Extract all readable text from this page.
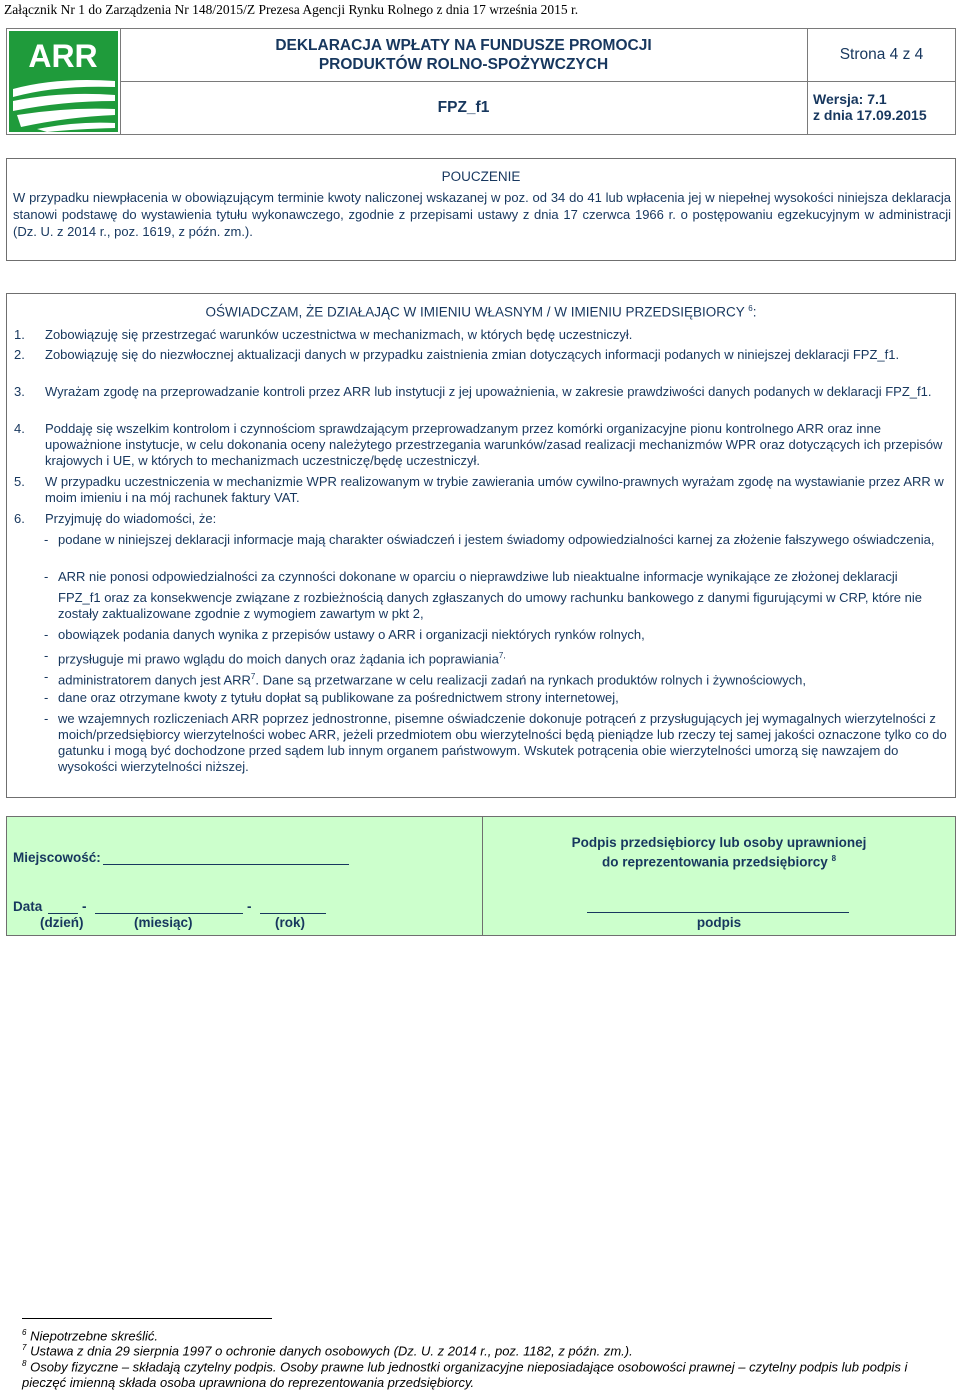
Załącznik Nr 1 do Zarządzenia Nr 148/2015/Z Prezesa Agencji Rynku Rolnego z dnia 17 września 2015 r.
ARR	DEKLARACJA WPŁATY NA FUNDUSZE PROMOCJI
PRODUKTÓW ROLNO-SPOŻYWCZYCH
FPZ_f1
Strona 4 z 4
Wersja: 7.1
z dnia 17.09.2015
POUCZENIE
W przypadku niewpłacenia w obowiązującym terminie kwoty naliczonej wskazanej w poz. od 34 do 41 lub wpłacenia jej w niepełnej wysokości niniejsza deklaracja stanowi podstawę do wystawienia tytułu wykonawczego, zgodnie z przepisami ustawy z dnia 17 czerwca 1966 r. o postępowaniu egzekucyjnym w administracji (Dz. U. z 2014 r., poz. 1619, z późn. zm.).
OŚWIADCZAM, ŻE DZIAŁAJĄC W IMIENIU WŁASNYM / W IMIENIU PRZEDSIĘBIORCY $^6$:
1. Zobowiązuję się przestrzegać warunków uczestnictwa w mechanizmach, w których będę uczestniczył.
2. Zobowiązuję się do niezwłocznej aktualizacji danych w przypadku zaistnienia zmian dotyczących informacji podanych w niniejszej deklaracji FPZ_f1.
3. Wyrażam zgodę na przeprowadzanie kontroli przez ARR lub instytucji z jej upoważnienia, w zakresie prawdziwości danych podanych w deklaracji FPZ_f1.
4. Poddaję się wszelkim kontrolom i czynnościom sprawdzającym przeprowadzanym przez komórki organizacyjne pionu kontrolnego ARR oraz inne upoważnione instytucje, w celu dokonania oceny należytego przestrzegania warunków/zasad realizacji mechanizmów WPR oraz dotyczących ich przepisów krajowych i UE, w których to mechanizmach uczestniczę/będę uczestniczył.
5. W przypadku uczestniczenia w mechanizmie WPR realizowanym w trybie zawierania umów cywilno-prawnych wyrażam zgodę na wystawianie przez ARR w moim imieniu i na mój rachunek faktury VAT.
6. Przyjmuję do wiadomości, że:
- podane w niniejszej deklaracji informacje mają charakter oświadczeń i jestem świadomy odpowiedzialności karnej za złożenie fałszywego oświadczenia,
- ARR nie ponosi odpowiedzialności za czynności dokonane w oparciu o nieprawdziwe lub nieaktualne informacje wynikające ze złożonej deklaracji
FPZ_f1 oraz za konsekwencje związane z rozbieżnością danych zgłaszanych do umowy rachunku bankowego z danymi figurującymi w CRP, które nie zostały zaktualizowane zgodnie z wymogiem zawartym w pkt 2,
- obowiązek podania danych wynika z przepisów ustawy o ARR i organizacji niektórych rynków rolnych,
- przysługuje mi prawo wglądu do moich danych oraz żądania ich poprawiania$^{7,}$
- administratorem danych jest ARR$^7$. Dane są przetwarzane w celu realizacji zadań na rynkach produktów rolnych i żywnościowych,
- dane oraz otrzymane kwoty z tytułu dopłat są publikowane za pośrednictwem strony internetowej,
- we wzajemnych rozliczeniach ARR poprzez jednostronne, pisemne oświadczenie dokonuje potrąceń z przysługujących jej wymagalnych wierzytelności z moich/przedsiębiorcy wierzytelności wobec ARR, jeżeli przedmiotem obu wierzytelności będą pieniądze lub rzeczy tej samej jakości oznaczone tylko co do gatunku i mogą być dochodzone przed sądem lub innym organem państwowym. Wskutek potrącenia obie wierzytelności umorzą się nawzajem do wysokości wierzytelności niższej.
Miejscowość:
Data	-	-
(dzień)	(miesiąc)	(rok)
Podpis przedsiębiorcy lub osoby uprawnionej
do reprezentowania przedsiębiorcy $^8$
podpis
$^6$ Niepotrzebne skreślić.
$^7$ Ustawa z dnia 29 sierpnia 1997 o ochronie danych osobowych (Dz. U. z 2014 r., poz. 1182, z późn. zm.).
$^8$ Osoby fizyczne – składają czytelny podpis. Osoby prawne lub jednostki organizacyjne nieposiadające osobowości prawnej – czytelny podpis lub podpis i pieczęć imienną składa osoba uprawniona do reprezentowania przedsiębiorcy.
